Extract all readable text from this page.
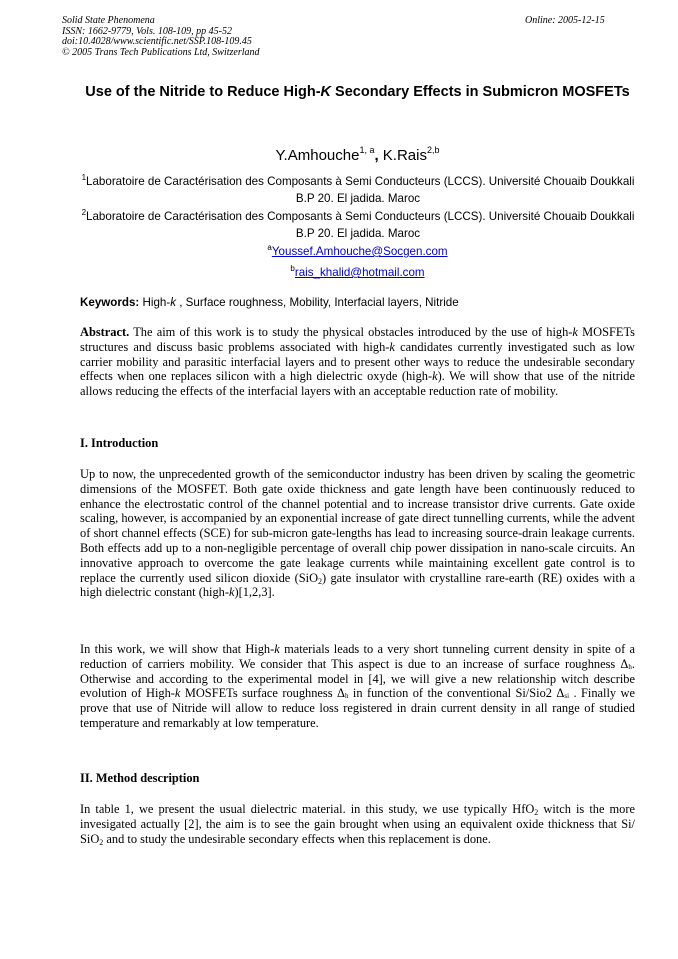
Solid State Phenomena
ISSN: 1662-9779, Vols. 108-109, pp 45-52
doi:10.4028/www.scientific.net/SSP.108-109.45
© 2005 Trans Tech Publications Ltd, Switzerland
Online: 2005-12-15
Use of the Nitride to Reduce High-K Secondary Effects in Submicron MOSFETs
Y.Amhouche$^{1, a}$, K.Rais$^{2,b}$
$^1$Laboratoire de Caractérisation des Composants à Semi Conducteurs (LCCS). Université Chouaib Doukkali B.P 20. El jadida. Maroc
$^2$Laboratoire de Caractérisation des Composants à Semi Conducteurs (LCCS). Université Chouaib Doukkali B.P 20. El jadida. Maroc
$^a$Youssef.Amhouche@Socgen.com
$^b$rais_khalid@hotmail.com
Keywords: High-k , Surface roughness, Mobility, Interfacial layers, Nitride
Abstract. The aim of this work is to study the physical obstacles introduced by the use of high-k MOSFETs structures and discuss basic problems associated with high-k candidates currently investigated such as low carrier mobility and parasitic interfacial layers and to present other ways to reduce the undesirable secondary effects when one replaces silicon with a high dielectric oxyde (high-k). We will show that use of the nitride allows reducing the effects of the interfacial layers with an acceptable reduction rate of mobility.
I. Introduction
Up to now, the unprecedented growth of the semiconductor industry has been driven by scaling the geometric dimensions of the MOSFET. Both gate oxide thickness and gate length have been continuously reduced to enhance the electrostatic control of the channel potential and to increase transistor drive currents. Gate oxide scaling, however, is accompanied by an exponential increase of gate direct tunnelling currents, while the advent of short channel effects (SCE) for sub-micron gate-lengths has lead to increasing source-drain leakage currents. Both effects add up to a non-negligible percentage of overall chip power dissipation in nano-scale circuits. An innovative approach to overcome the gate leakage currents while maintaining excellent gate control is to replace the currently used silicon dioxide (SiO$_2$) gate insulator with crystalline rare-earth (RE) oxides with a high dielectric constant (high-k)[1,2,3].
In this work, we will show that High-k materials leads to a very short tunneling current density in spite of a reduction of carriers mobility. We consider that This aspect is due to an increase of surface roughness $\Delta_h$. Otherwise and according to the experimental model in [4], we will give a new relationship witch describe evolution of High-k MOSFETs surface roughness $\Delta_h$ in function of the conventional Si/Sio2 $\Delta_{si}$ . Finally we prove that use of Nitride will allow to reduce loss registered in drain current density in all range of studied temperature and remarkably at low temperature.
II. Method description
In table 1, we present the usual dielectric material. in this study, we use typically HfO$_2$ witch is the more invesigated actually [2], the aim is to see the gain brought when using an equivalent oxide thickness that Si/ SiO$_2$ and to study the undesirable secondary effects when this replacement is done.
